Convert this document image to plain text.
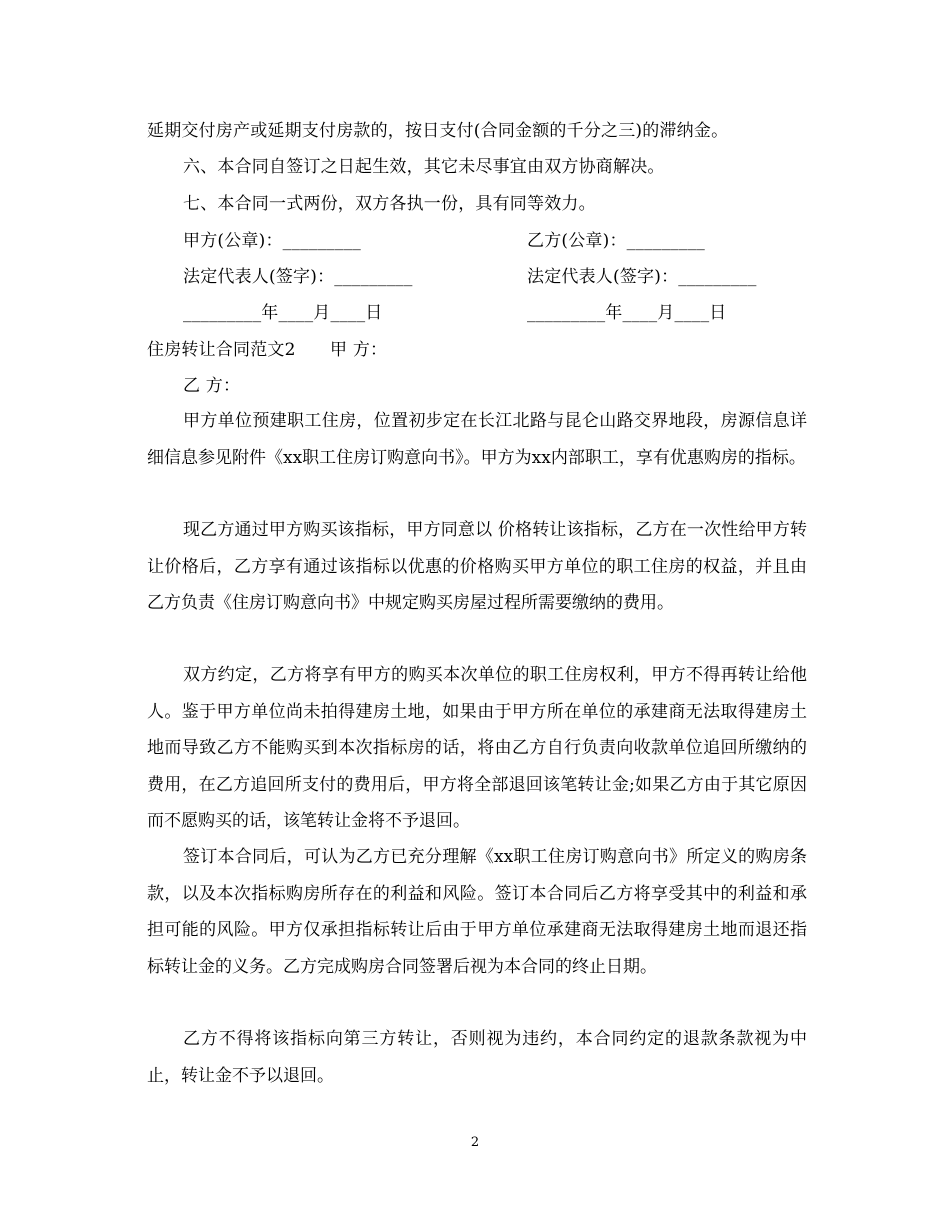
延期交付房产或延期支付房款的，按日支付(合同金额的千分之三)的滞纳金。
六、本合同自签订之日起生效，其它未尽事宜由双方协商解决。
七、本合同一式两份，双方各执一份，具有同等效力。
甲方(公章)：_________	乙方(公章)：_________
法定代表人(签字)：_________	法定代表人(签字)：_________
_________年____月____日	_________年____月____日
住房转让合同范文2　　甲 方：
乙 方：
甲方单位预建职工住房，位置初步定在长江北路与昆仑山路交界地段，房源信息详细信息参见附件《xx职工住房订购意向书》。甲方为xx内部职工，享有优惠购房的指标。
现乙方通过甲方购买该指标，甲方同意以 价格转让该指标，乙方在一次性给甲方转让价格后，乙方享有通过该指标以优惠的价格购买甲方单位的职工住房的权益，并且由乙方负责《住房订购意向书》中规定购买房屋过程所需要缴纳的费用。
双方约定，乙方将享有甲方的购买本次单位的职工住房权利，甲方不得再转让给他人。鉴于甲方单位尚未拍得建房土地，如果由于甲方所在单位的承建商无法取得建房土地而导致乙方不能购买到本次指标房的话，将由乙方自行负责向收款单位追回所缴纳的费用，在乙方追回所支付的费用后，甲方将全部退回该笔转让金;如果乙方由于其它原因而不愿购买的话，该笔转让金将不予退回。
签订本合同后，可认为乙方已充分理解《xx职工住房订购意向书》所定义的购房条款，以及本次指标购房所存在的利益和风险。签订本合同后乙方将享受其中的利益和承担可能的风险。甲方仅承担指标转让后由于甲方单位承建商无法取得建房土地而退还指标转让金的义务。乙方完成购房合同签署后视为本合同的终止日期。
乙方不得将该指标向第三方转让，否则视为违约，本合同约定的退款条款视为中止，转让金不予以退回。
2
